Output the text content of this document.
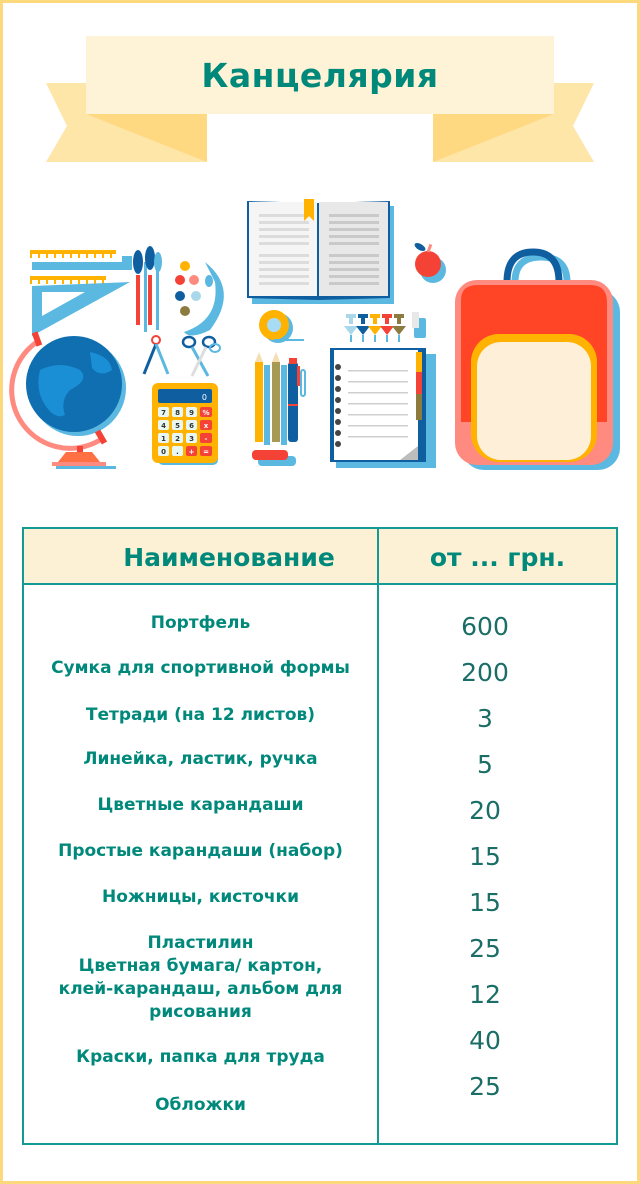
Канцелярия
0
7 8 9 %
4 5 6 x
1 2 3 -
0 . + =
Наименование	от ... грн.
Портфель
Сумка для спортивной формы
Тетради (на 12 листов)
Линейка, ластик, ручка
Цветные карандаши
Простые карандаши (набор)
Ножницы, кисточки
Пластилин
Цветная бумага/ картон,
клей-карандаш, альбом для
рисования
Краски, папка для труда
Обложки
600
200
3
5
20
15
15
25
12
40
25
